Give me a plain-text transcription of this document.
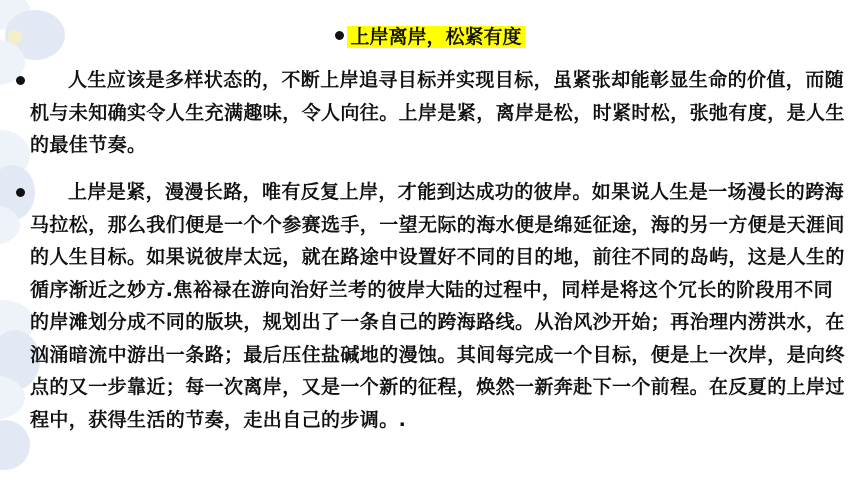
上岸离岸，松紧有度
人生应该是多样状态的，不断上岸追寻目标并实现目标，虽紧张却能彰显生命的价值，而随机与未知确实令人生充满趣味，令人向往。上岸是紧，离岸是松，时紧时松，张弛有度，是人生的最佳节奏。
上岸是紧，漫漫长路，唯有反复上岸，才能到达成功的彼岸。如果说人生是一场漫长的跨海马拉松，那么我们便是一个个参赛选手，一望无际的海水便是绵延征途，海的另一方便是天涯间的人生目标。如果说彼岸太远，就在路途中设置好不同的目的地，前往不同的岛屿，这是人生的循序渐近之妙方.焦裕禄在游向治好兰考的彼岸大陆的过程中，同样是将这个冗长的阶段用不同的岸滩划分成不同的版块，规划出了一条自己的跨海路线。从治风沙开始；再治理内涝洪水，在汹涌暗流中游出一条路；最后压住盐碱地的漫蚀。其间每完成一个目标，便是上一次岸，是向终点的又一步靠近；每一次离岸，又是一个新的征程，焕然一新奔赴下一个前程。在反夏的上岸过程中，获得生活的节奏，走出自己的步调。.
